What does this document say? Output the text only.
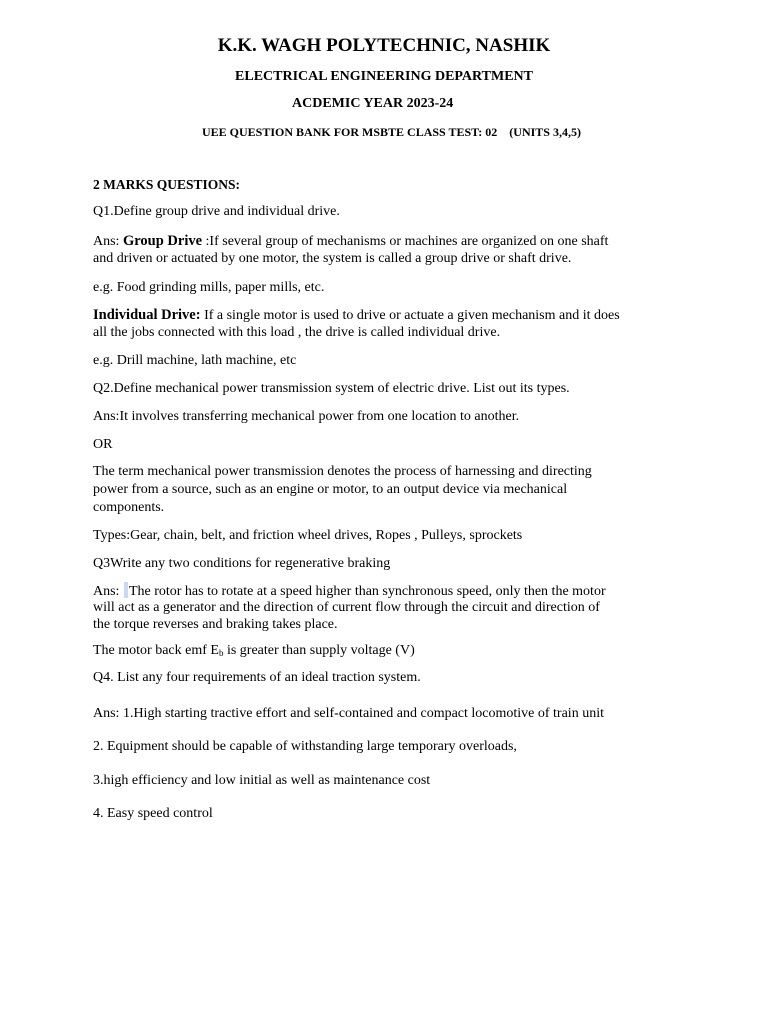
K.K. WAGH POLYTECHNIC, NASHIK
ELECTRICAL ENGINEERING DEPARTMENT
ACDEMIC YEAR 2023-24
UEE QUESTION BANK FOR MSBTE CLASS TEST: 02 (UNITS 3,4,5)
2 MARKS QUESTIONS:
Q1.Define group drive and individual drive.
Ans: Group Drive :If several group of mechanisms or machines are organized on one shaft
and driven or actuated by one motor, the system is called a group drive or shaft drive.
e.g. Food grinding mills, paper mills, etc.
Individual Drive: If a single motor is used to drive or actuate a given mechanism and it does
all the jobs connected with this load , the drive is called individual drive.
e.g. Drill machine, lath machine, etc
Q2.Define mechanical power transmission system of electric drive. List out its types.
Ans:It involves transferring mechanical power from one location to another.
OR
The term mechanical power transmission denotes the process of harnessing and directing
power from a source, such as an engine or motor, to an output device via mechanical
components.
Types:Gear, chain, belt, and friction wheel drives, Ropes , Pulleys, sprockets
Q3Write any two conditions for regenerative braking
Ans: The rotor has to rotate at a speed higher than synchronous speed, only then the motor
will act as a generator and the direction of current flow through the circuit and direction of
the torque reverses and braking takes place.
The motor back emf $E_b$ is greater than supply voltage (V)
Q4. List any four requirements of an ideal traction system.
Ans: 1.High starting tractive effort and self-contained and compact locomotive of train unit
2. Equipment should be capable of withstanding large temporary overloads,
3.high efficiency and low initial as well as maintenance cost
4. Easy speed control
